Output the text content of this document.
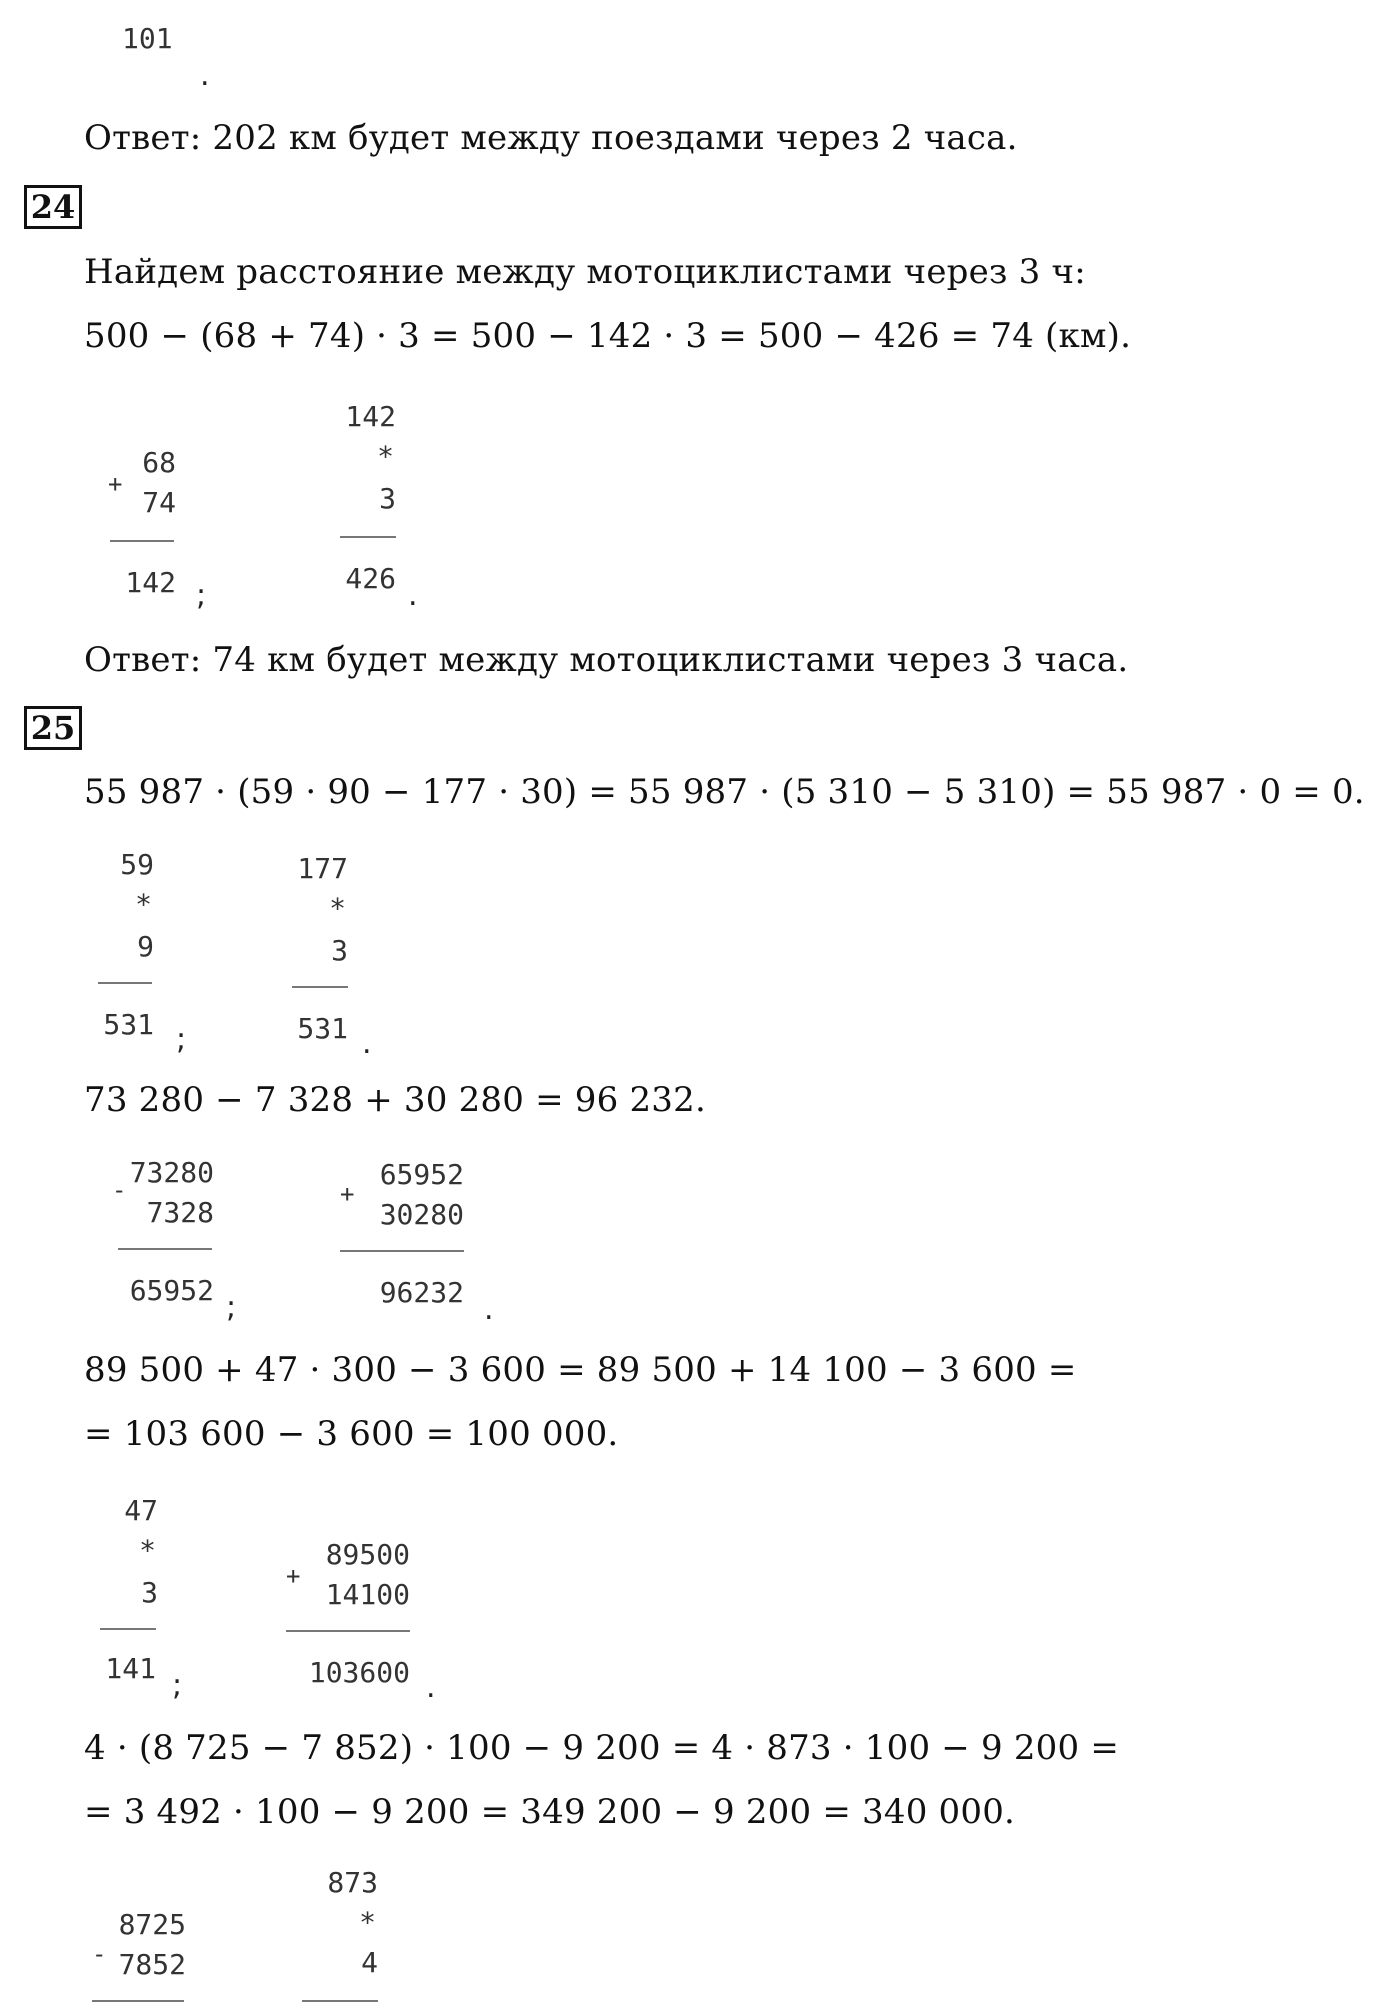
101
.
Ответ: 202 км будет между поездами через 2 часа.
24
Найдем расстояние между мотоциклистами через 3 ч:
500 − (68 + 74) · 3 = 500 − 142 · 3 = 500 − 426 = 74 (км).
+
68
74
142 ;
142
*
3
426 .
Ответ: 74 км будет между мотоциклистами через 3 часа.
25
55 987 · (59 · 90 − 177 · 30) = 55 987 · (5 310 − 5 310) = 55 987 · 0 = 0.
59
*
9
531 ;
177
*
3
531 .
73 280 − 7 328 + 30 280 = 96 232.
-
73280
7328
65952 ;
+
65952
30280
96232 .
89 500 + 47 · 300 − 3 600 = 89 500 + 14 100 − 3 600 =
= 103 600 − 3 600 = 100 000.
47
*
3
141 ;
+
89500
14100
103600 .
4 · (8 725 − 7 852) · 100 − 9 200 = 4 · 873 · 100 − 9 200 =
= 3 492 · 100 − 9 200 = 349 200 − 9 200 = 340 000.
-
8725
7852
873
*
4
